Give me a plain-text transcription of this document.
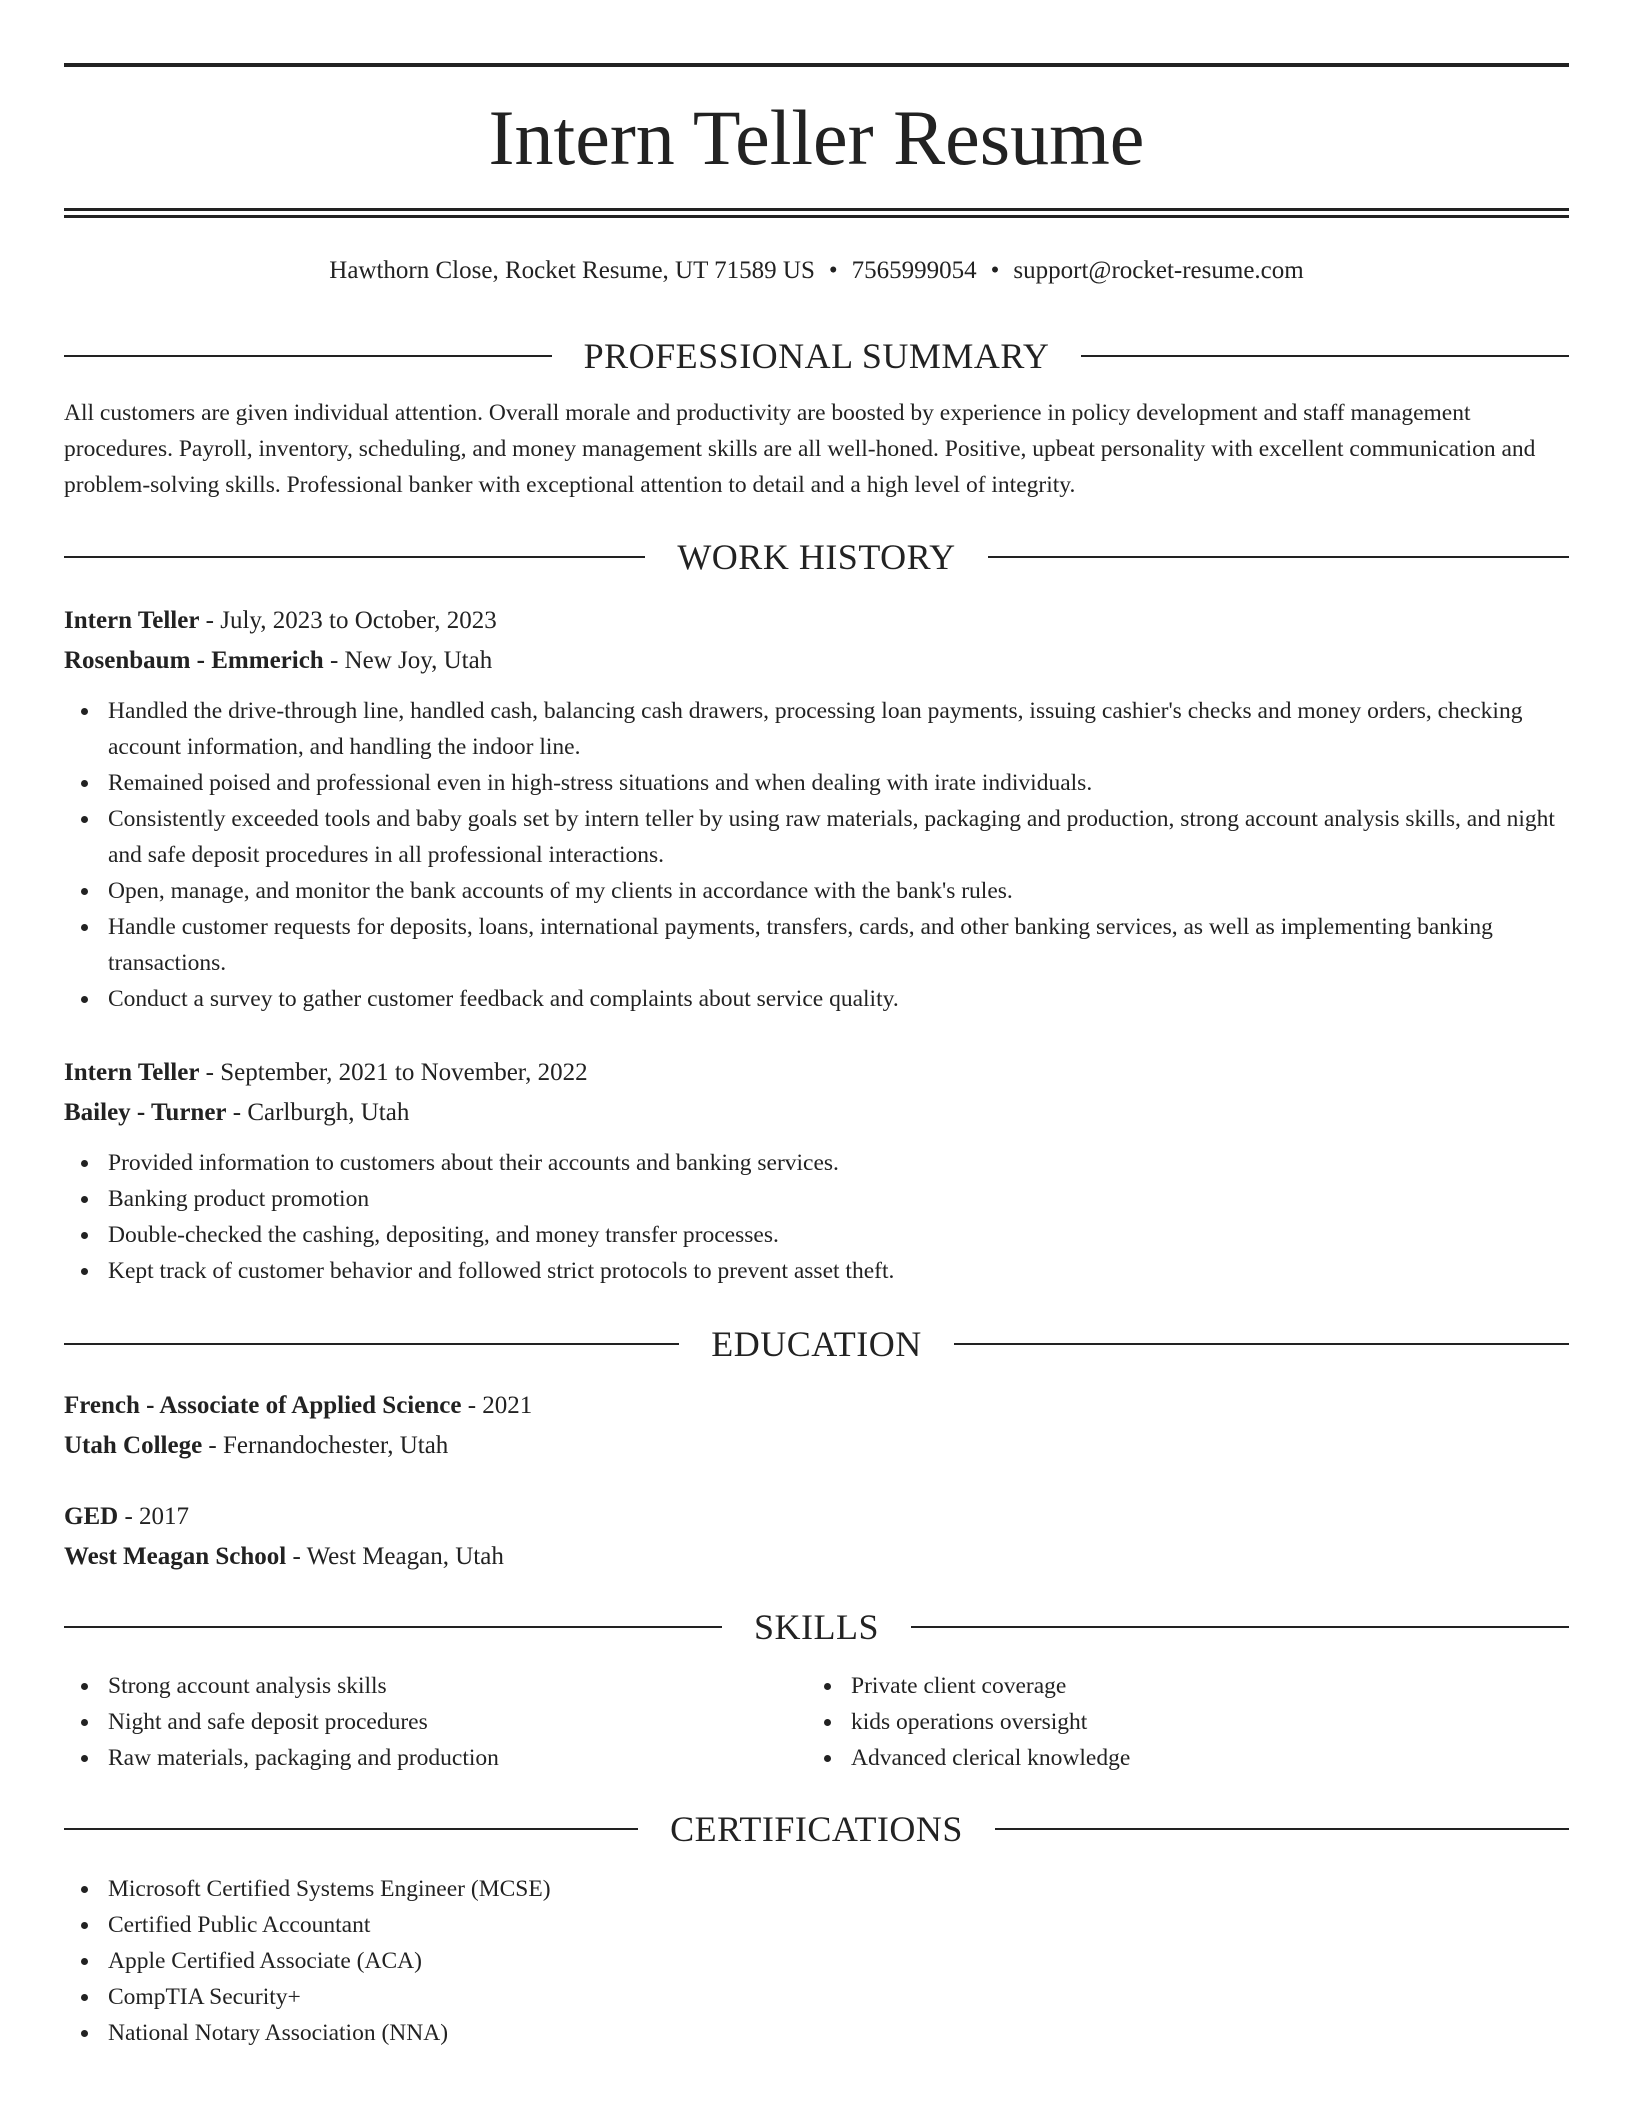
Intern Teller Resume
Hawthorn Close, Rocket Resume, UT 71589 US • 7565999054 • support@rocket-resume.com
PROFESSIONAL SUMMARY
All customers are given individual attention. Overall morale and productivity are boosted by experience in policy development and staff management procedures. Payroll, inventory, scheduling, and money management skills are all well-honed. Positive, upbeat personality with excellent communication and problem-solving skills. Professional banker with exceptional attention to detail and a high level of integrity.
WORK HISTORY
Intern Teller - July, 2023 to October, 2023
Rosenbaum - Emmerich - New Joy, Utah
Handled the drive-through line, handled cash, balancing cash drawers, processing loan payments, issuing cashier's checks and money orders, checking account information, and handling the indoor line.
Remained poised and professional even in high-stress situations and when dealing with irate individuals.
Consistently exceeded tools and baby goals set by intern teller by using raw materials, packaging and production, strong account analysis skills, and night and safe deposit procedures in all professional interactions.
Open, manage, and monitor the bank accounts of my clients in accordance with the bank's rules.
Handle customer requests for deposits, loans, international payments, transfers, cards, and other banking services, as well as implementing banking transactions.
Conduct a survey to gather customer feedback and complaints about service quality.
Intern Teller - September, 2021 to November, 2022
Bailey - Turner - Carlburgh, Utah
Provided information to customers about their accounts and banking services.
Banking product promotion
Double-checked the cashing, depositing, and money transfer processes.
Kept track of customer behavior and followed strict protocols to prevent asset theft.
EDUCATION
French - Associate of Applied Science - 2021
Utah College - Fernandochester, Utah
GED - 2017
West Meagan School - West Meagan, Utah
SKILLS
Strong account analysis skills
Night and safe deposit procedures
Raw materials, packaging and production
Private client coverage
kids operations oversight
Advanced clerical knowledge
CERTIFICATIONS
Microsoft Certified Systems Engineer (MCSE)
Certified Public Accountant
Apple Certified Associate (ACA)
CompTIA Security+
National Notary Association (NNA)
